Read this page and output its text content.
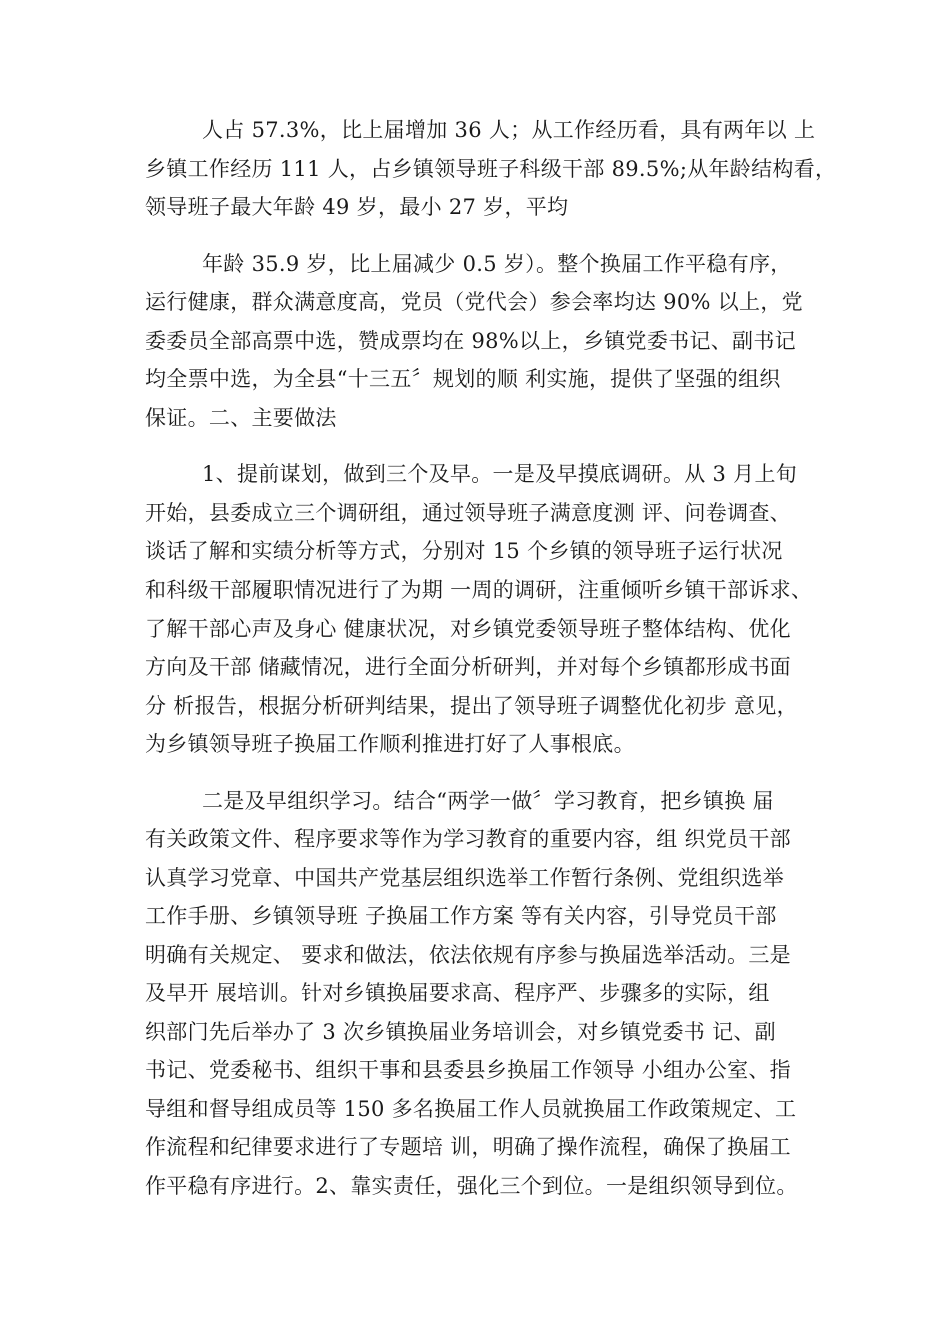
人占 57.3%，比上届增加 36 人；从工作经历看，具有两年以 上
乡镇工作经历 111 人，占乡镇领导班子科级干部 89.5%;从年龄结构看，
领导班子最大年龄 49 岁，最小 27 岁，平均
年龄 35.9 岁，比上届减少 0.5 岁）。整个换届工作平稳有序，
运行健康，群众满意度高，党员（党代会）参会率均达 90% 以上，党
委委员全部高票中选，赞成票均在 98%以上，乡镇党委书记、副书记
均全票中选，为全县“十三五〞规划的顺 利实施，提供了坚强的组织
保证。二、主要做法
1、提前谋划，做到三个及早。一是及早摸底调研。从 3 月上旬
开始，县委成立三个调研组，通过领导班子满意度测 评、问卷调查、
谈话了解和实绩分析等方式，分别对 15 个乡镇的领导班子运行状况
和科级干部履职情况进行了为期 一周的调研，注重倾听乡镇干部诉求、
了解干部心声及身心 健康状况，对乡镇党委领导班子整体结构、优化
方向及干部 储藏情况，进行全面分析研判，并对每个乡镇都形成书面
分 析报告，根据分析研判结果，提出了领导班子调整优化初步 意见，
为乡镇领导班子换届工作顺利推进打好了人事根底。
二是及早组织学习。结合“两学一做〞学习教育，把乡镇换 届
有关政策文件、程序要求等作为学习教育的重要内容，组 织党员干部
认真学习党章、中国共产党基层组织选举工作暂行条例、党组织选举
工作手册、乡镇领导班 子换届工作方案 等有关内容，引导党员干部
明确有关规定、 要求和做法，依法依规有序参与换届选举活动。三是
及早开 展培训。针对乡镇换届要求高、程序严、步骤多的实际，组
织部门先后举办了 3 次乡镇换届业务培训会，对乡镇党委书 记、副
书记、党委秘书、组织干事和县委县乡换届工作领导 小组办公室、指
导组和督导组成员等 150 多名换届工作人员就换届工作政策规定、工
作流程和纪律要求进行了专题培 训，明确了操作流程，确保了换届工
作平稳有序进行。2、靠实责任，强化三个到位。一是组织领导到位。
